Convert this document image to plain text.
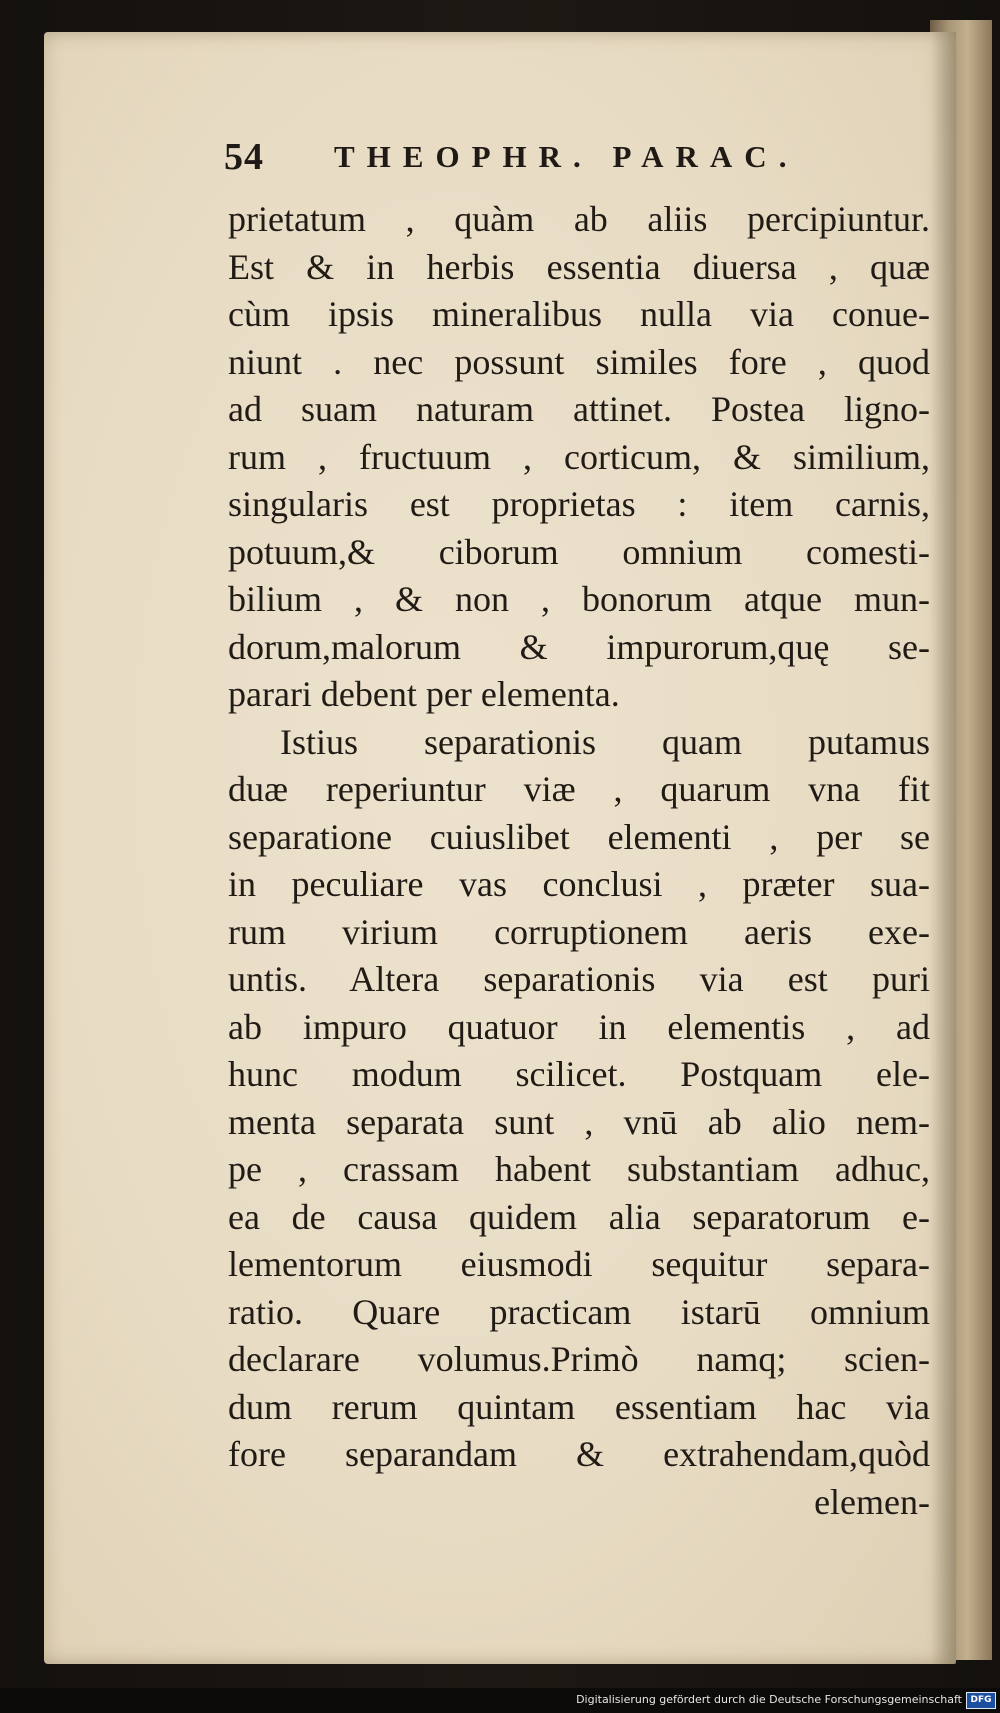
54 THEOPHR. PARAC.
prietatum , quàm ab aliis percipiuntur.
Est & in herbis essentia diuersa , quæ
cùm ipsis mineralibus nulla via conue-
niunt . nec possunt similes fore , quod
ad suam naturam attinet. Postea ligno-
rum , fructuum , corticum, & similium,
singularis est proprietas : item carnis,
potuum,& ciborum omnium comesti-
bilium , & non , bonorum atque mun-
dorum,malorum & impurorum,quę se-
parari debent per elementa.
Istius separationis quam putamus
duæ reperiuntur viæ , quarum vna fit
separatione cuiuslibet elementi , per se
in peculiare vas conclusi , præter sua-
rum virium corruptionem aeris exe-
untis. Altera separationis via est puri
ab impuro quatuor in elementis , ad
hunc modum scilicet. Postquam ele-
menta separata sunt , vnū ab alio nem-
pe , crassam habent substantiam adhuc,
ea de causa quidem alia separatorum e-
lementorum eiusmodi sequitur separa-
ratio. Quare practicam istarū omnium
declarare volumus.Primò namq; scien-
dum rerum quintam essentiam hac via
fore separandam & extrahendam,quòd
elemen-
Digitalisierung gefördert durch die Deutsche Forschungsgemeinschaft DFG
